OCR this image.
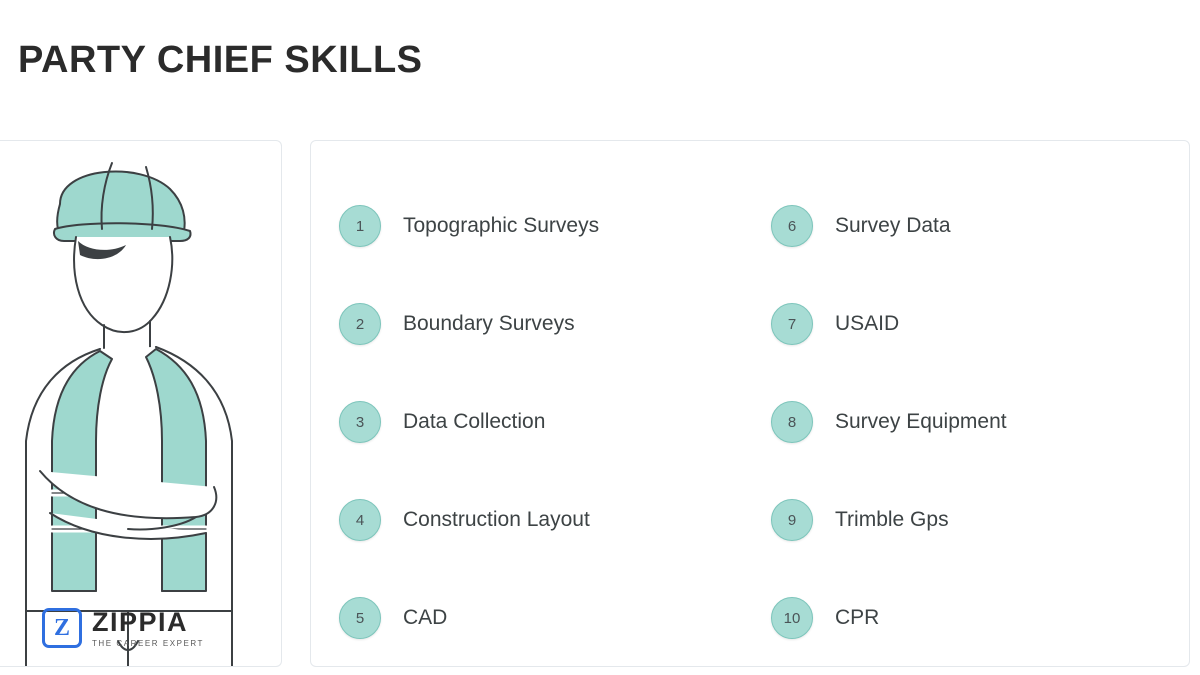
PARTY CHIEF SKILLS
Z ZIPPIA
THE CAREER EXPERT
1	Topographic Surveys
2	Boundary Surveys
3	Data Collection
4	Construction Layout
5	CAD
6	Survey Data
7	USAID
8	Survey Equipment
9	Trimble Gps
10	CPR
